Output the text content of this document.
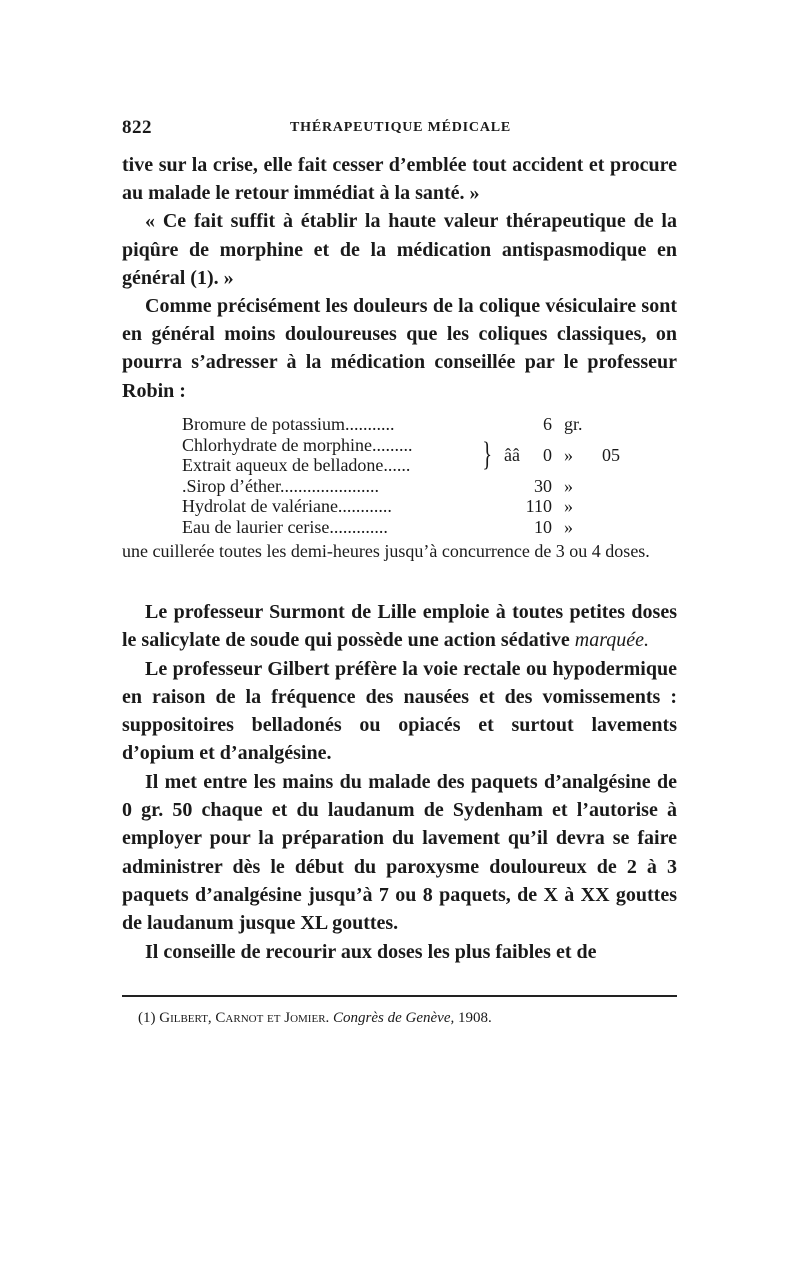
822	THÉRAPEUTIQUE MÉDICALE

tive sur la crise, elle fait cesser d’emblée tout accident et procure au malade le retour immédiat à la santé. »

« Ce fait suffit à établir la haute valeur thérapeutique de la piqûre de morphine et de la médication antispasmodique en général (1). »

Comme précisément les douleurs de la colique vésiculaire sont en général moins douloureuses que les coliques classiques, on pourra s’adresser à la médication conseillée par le professeur Robin :

Bromure de potassium...........	6 gr.
Chlorhydrate de morphine.........
Extrait aqueux de belladone...... } ââ	0 » 05
.Sirop d’éther......................	30 »
Hydrolat de valériane............	110 »
Eau de laurier cerise.............	10 »
une cuillerée toutes les demi-heures jusqu’à concurrence de 3 ou 4 doses.

Le professeur Surmont de Lille emploie à toutes petites doses le salicylate de soude qui possède une action sédative marquée.

Le professeur Gilbert préfère la voie rectale ou hypodermique en raison de la fréquence des nausées et des vomissements : suppositoires belladonés ou opiacés et surtout lavements d’opium et d’analgésine.

Il met entre les mains du malade des paquets d’analgésine de 0 gr. 50 chaque et du laudanum de Sydenham et l’autorise à employer pour la préparation du lavement qu’il devra se faire administrer dès le début du paroxysme douloureux de 2 à 3 paquets d’analgésine jusqu’à 7 ou 8 paquets, de X à XX gouttes de laudanum jusque XL gouttes.

Il conseille de recourir aux doses les plus faibles et de

(1) Gilbert, Carnot et Jomier. Congrès de Genève, 1908.
